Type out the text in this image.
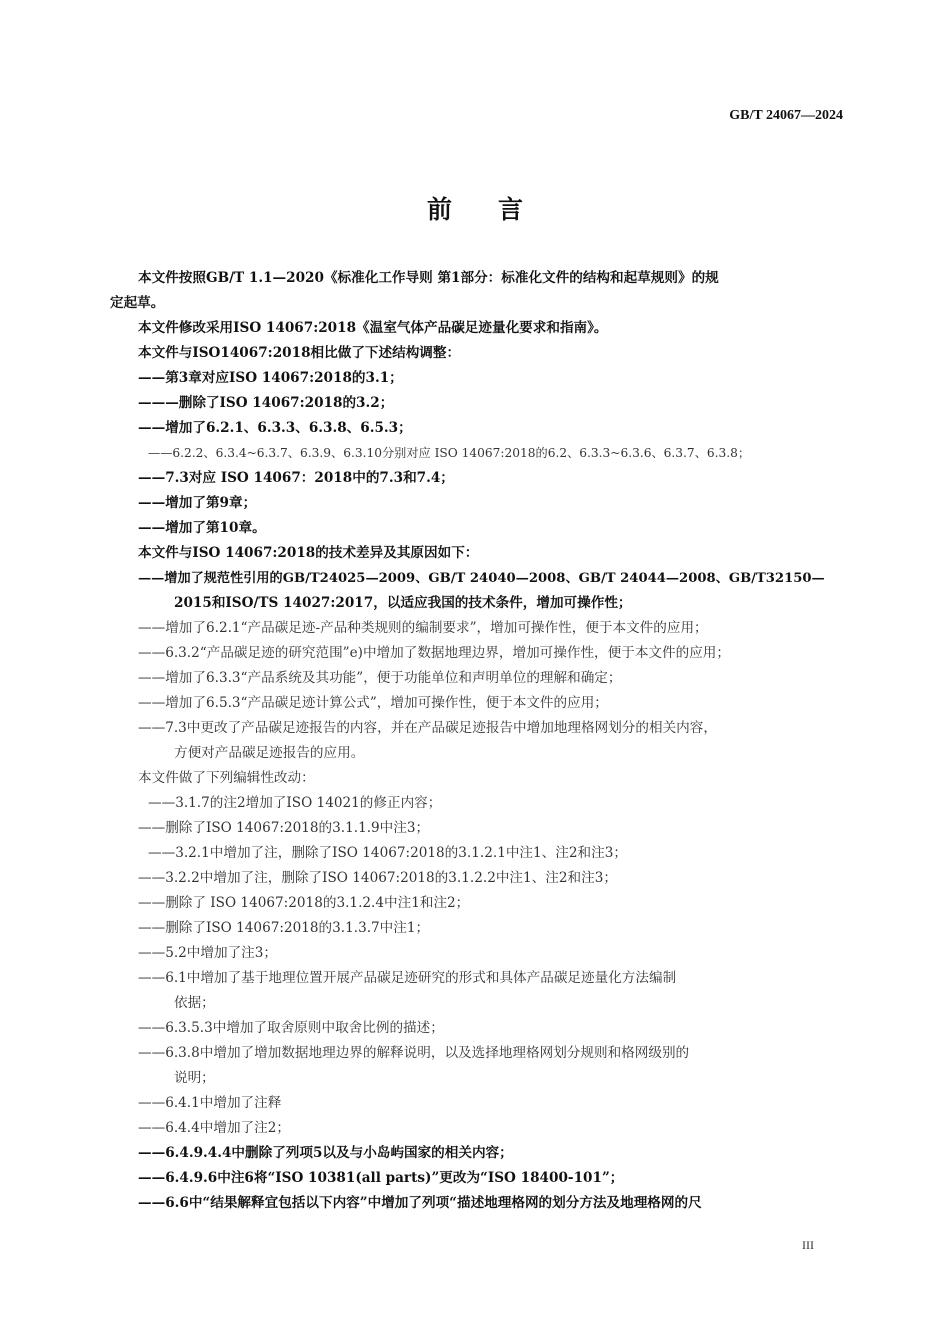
GB/T 24067—2024
前言
本文件按照GB/T 1.1—2020《标准化工作导则 第1部分：标准化文件的结构和起草规则》的规
定起草。
本文件修改采用ISO 14067:2018《温室气体产品碳足迹量化要求和指南》。
本文件与ISO14067:2018相比做了下述结构调整：
——第3章对应ISO 14067:2018的3.1；
———删除了ISO 14067:2018的3.2；
——增加了6.2.1、6.3.3、6.3.8、6.5.3；
——6.2.2、6.3.4~6.3.7、6.3.9、6.3.10分别对应 ISO 14067:2018的6.2、6.3.3~6.3.6、6.3.7、6.3.8；
——7.3对应 ISO 14067：2018中的7.3和7.4；
——增加了第9章；
——增加了第10章。
本文件与ISO 14067:2018的技术差异及其原因如下：
——增加了规范性引用的GB/T24025—2009、GB/T 24040—2008、GB/T 24044—2008、GB/T32150—
2015和ISO/TS 14027:2017，以适应我国的技术条件，增加可操作性；
——增加了6.2.1“产品碳足迹-产品种类规则的编制要求”，增加可操作性，便于本文件的应用；
——6.3.2“产品碳足迹的研究范围”e)中增加了数据地理边界，增加可操作性，便于本文件的应用；
——增加了6.3.3“产品系统及其功能”，便于功能单位和声明单位的理解和确定；
——增加了6.5.3“产品碳足迹计算公式”，增加可操作性，便于本文件的应用；
——7.3中更改了产品碳足迹报告的内容，并在产品碳足迹报告中增加地理格网划分的相关内容，
方便对产品碳足迹报告的应用。
本文件做了下列编辑性改动：
——3.1.7的注2增加了ISO 14021的修正内容；
——删除了ISO 14067:2018的3.1.1.9中注3；
——3.2.1中增加了注，删除了ISO 14067:2018的3.1.2.1中注1、注2和注3；
——3.2.2中增加了注，删除了ISO 14067:2018的3.1.2.2中注1、注2和注3；
——删除了 ISO 14067:2018的3.1.2.4中注1和注2；
——删除了ISO 14067:2018的3.1.3.7中注1；
——5.2中增加了注3；
——6.1中增加了基于地理位置开展产品碳足迹研究的形式和具体产品碳足迹量化方法编制
依据；
——6.3.5.3中增加了取舍原则中取舍比例的描述；
——6.3.8中增加了增加数据地理边界的解释说明，以及选择地理格网划分规则和格网级别的
说明；
——6.4.1中增加了注释
——6.4.4中增加了注2；
——6.4.9.4.4中删除了列项5以及与小岛屿国家的相关内容；
——6.4.9.6中注6将“ISO 10381(all parts)”更改为“ISO 18400-101”；
——6.6中“结果解释宜包括以下内容”中增加了列项“描述地理格网的划分方法及地理格网的尺
III
